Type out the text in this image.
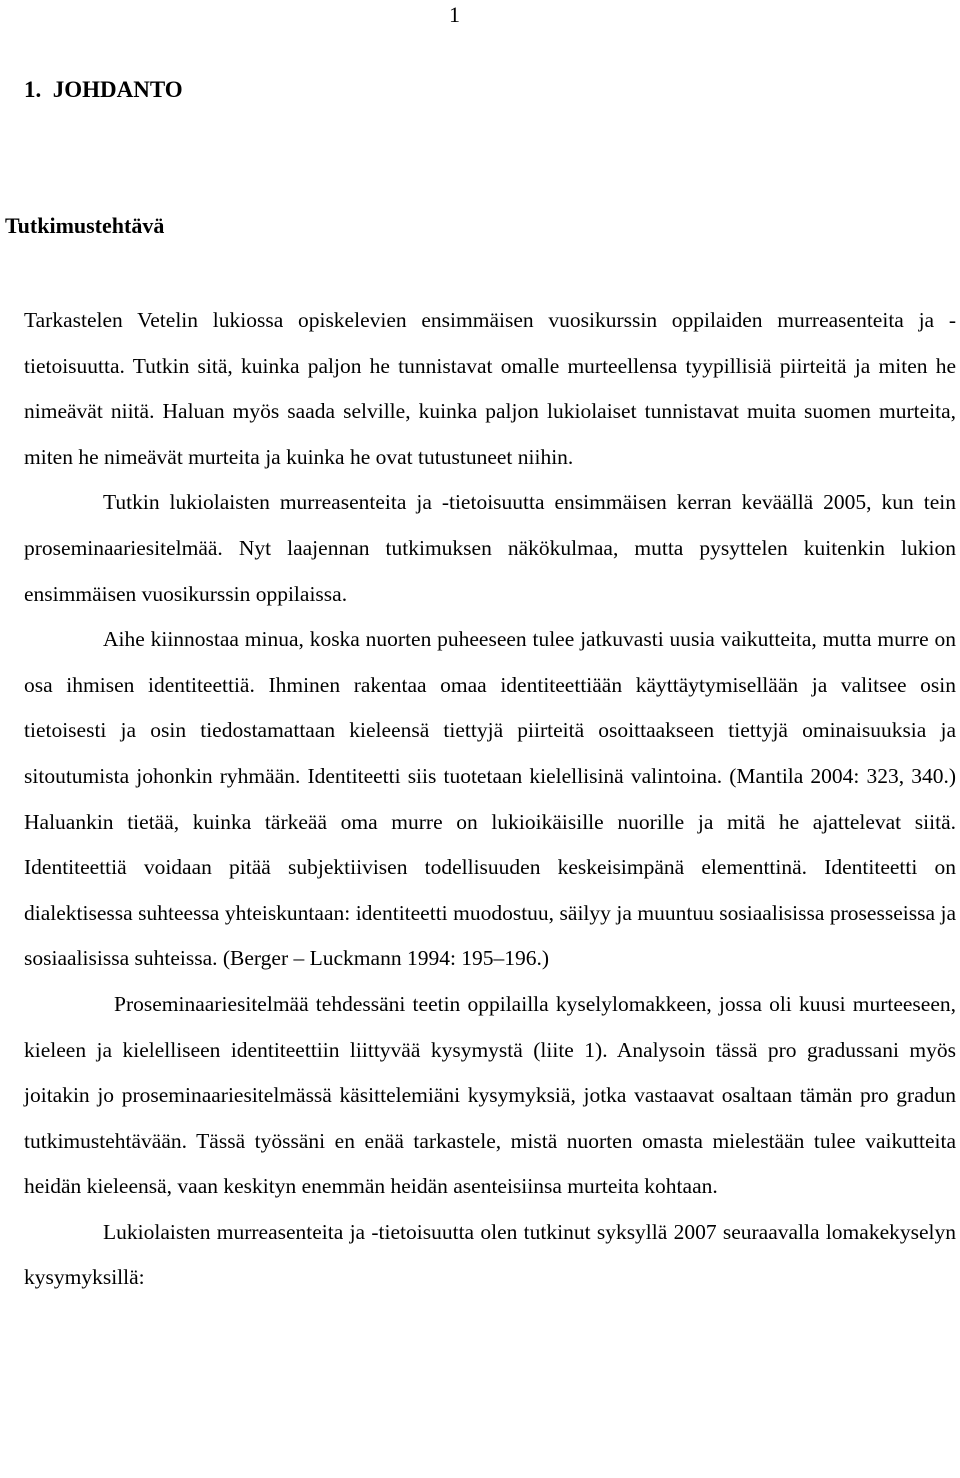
1
1.  JOHDANTO
Tutkimustehtävä

Tarkastelen Vetelin lukiossa opiskelevien ensimmäisen vuosikurssin oppilaiden murreasenteita ja -tietoisuutta. Tutkin sitä, kuinka paljon he tunnistavat omalle murteellensa tyypillisiä piirteitä ja miten he nimeävät niitä. Haluan myös saada selville, kuinka paljon lukiolaiset tunnistavat muita suomen murteita, miten he nimeävät murteita ja kuinka he ovat tutustuneet niihin.

Tutkin lukiolaisten murreasenteita ja -tietoisuutta ensimmäisen kerran keväällä 2005, kun tein proseminaariesitelmää. Nyt laajennan tutkimuksen näkökulmaa, mutta pysyttelen kuitenkin lukion ensimmäisen vuosikurssin oppilaissa.

Aihe kiinnostaa minua, koska nuorten puheeseen tulee jatkuvasti uusia vaikutteita, mutta murre on osa ihmisen identiteettiä. Ihminen rakentaa omaa identiteettiään käyttäytymisellään ja valitsee osin tietoisesti ja osin tiedostamattaan kieleensä tiettyjä piirteitä osoittaakseen tiettyjä ominaisuuksia ja sitoutumista johonkin ryhmään. Identiteetti siis tuotetaan kielellisinä valintoina. (Mantila 2004: 323, 340.) Haluankin tietää, kuinka tärkeää oma murre on lukioikäisille nuorille ja mitä he ajattelevat siitä. Identiteettiä voidaan pitää subjektiivisen todellisuuden keskeisimpänä elementtinä. Identiteetti on dialektisessa suhteessa yhteiskuntaan: identiteetti muodostuu, säilyy ja muuntuu sosiaalisissa prosesseissa ja sosiaalisissa suhteissa. (Berger – Luckmann 1994: 195–196.)

Proseminaariesitelmää tehdessäni teetin oppilailla kyselylomakkeen, jossa oli kuusi murteeseen, kieleen ja kielelliseen identiteettiin liittyvää kysymystä (liite 1). Analysoin tässä pro gradussani myös joitakin jo proseminaariesitelmässä käsittelemiäni kysymyksiä, jotka vastaavat osaltaan tämän pro gradun tutkimustehtävään. Tässä työssäni en enää tarkastele, mistä nuorten omasta mielestään tulee vaikutteita heidän kieleensä, vaan keskityn enemmän heidän asenteisiinsa murteita kohtaan.

Lukiolaisten murreasenteita ja -tietoisuutta olen tutkinut syksyllä 2007 seuraavalla lomakekyselyn kysymyksillä:
